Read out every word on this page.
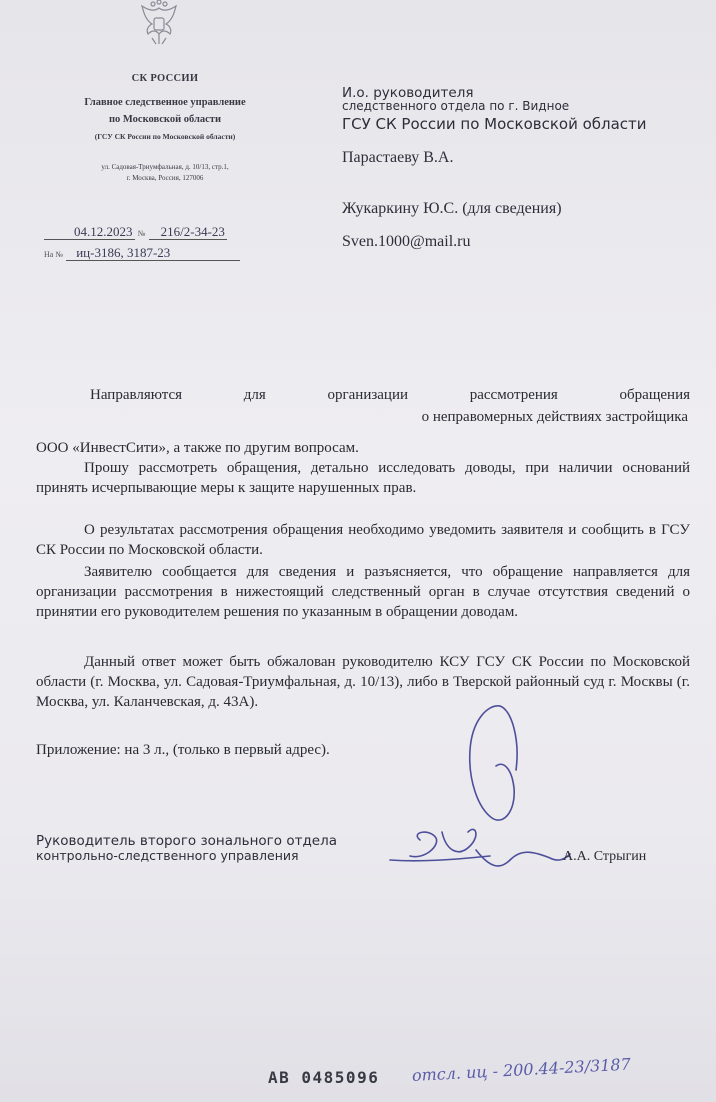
СК РОССИИ
Главное следственное управление
по Московской области
(ГСУ СК России по Московской области)
ул. Садовая-Триумфальная, д. 10/13, стр.1,
г. Москва, Россия, 127006
04.12.2023 № 216/2-34-23
На № иц-3186, 3187-23
И.о. руководителя
следственного отдела по г. Видное
ГСУ СК России по Московской области
Парастаеву В.А.
Жукаркину Ю.С. (для сведения)
Sven.1000@mail.ru
Направляются для организации рассмотрения обращения
о неправомерных действиях застройщика
ООО «ИнвестСити», а также по другим вопросам.
Прошу рассмотреть обращения, детально исследовать доводы, при наличии оснований принять исчерпывающие меры к защите нарушенных прав.
О результатах рассмотрения обращения необходимо уведомить заявителя и сообщить в ГСУ СК России по Московской области.
Заявителю сообщается для сведения и разъясняется, что обращение направляется для организации рассмотрения в нижестоящий следственный орган в случае отсутствия сведений о принятии его руководителем решения по указанным в обращении доводам.
Данный ответ может быть обжалован руководителю КСУ ГСУ СК России по Московской области (г. Москва, ул. Садовая-Триумфальная, д. 10/13), либо в Тверской районный суд г. Москвы (г. Москва, ул. Каланчевская, д. 43А).
Приложение: на 3 л., (только в первый адрес).
Руководитель второго зонального отдела
контрольно-следственного управления	А.А. Стрыгин
АВ 0485096 отсл. иц - 200.44-23/3187
